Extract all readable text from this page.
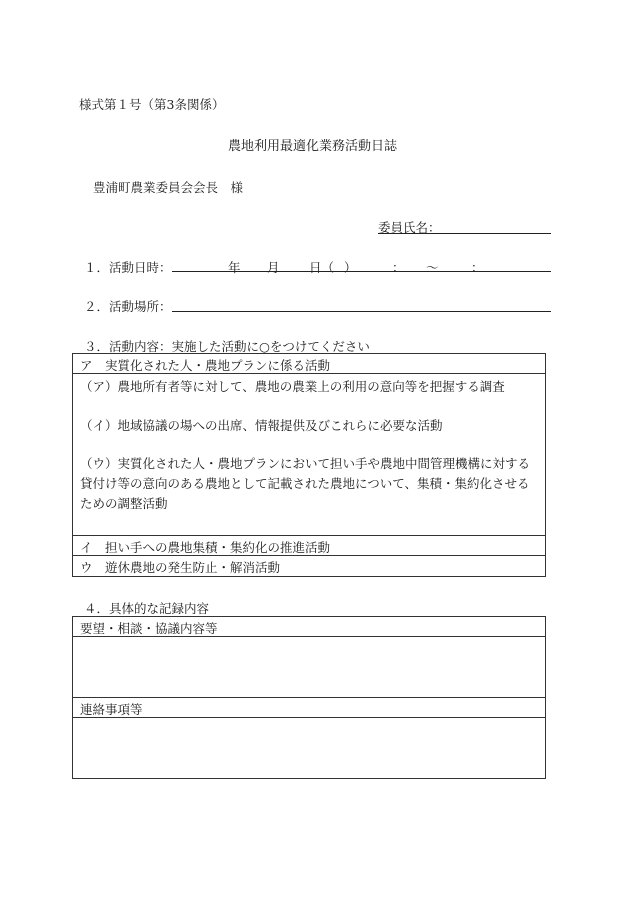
様式第１号（第3条関係）
農地利用最適化業務活動日誌
豊浦町農業委員会会長　様
委員氏名：
１．活動日時：	年 月 日（ ）	： ～	：
２．活動場所：
３．活動内容：実施した活動に○をつけてください
ア　実質化された人・農地プランに係る活動
（ア）農地所有者等に対して、農地の農業上の利用の意向等を把握する調査
（イ）地域協議の場への出席、情報提供及びこれらに必要な活動
（ウ）実質化された人・農地プランにおいて担い手や農地中間管理機構に対する貸付け等の意向のある農地として記載された農地について、集積・集約化させるための調整活動
イ　担い手への農地集積・集約化の推進活動
ウ　遊休農地の発生防止・解消活動
４．具体的な記録内容
要望・相談・協議内容等
連絡事項等
